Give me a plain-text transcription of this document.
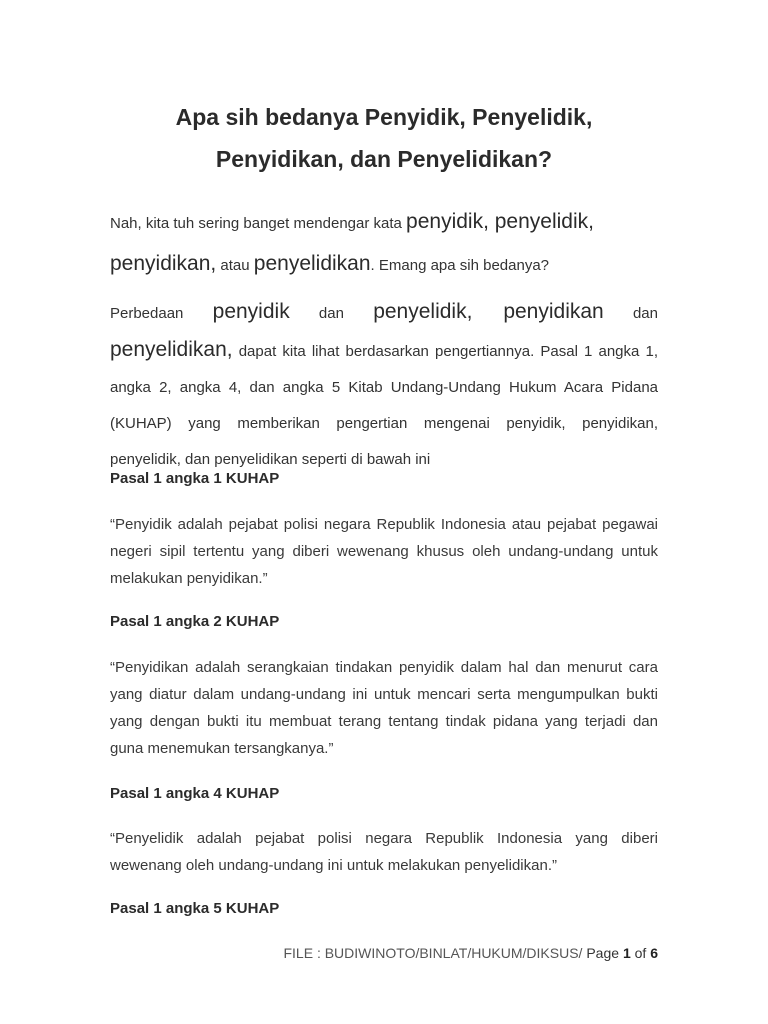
Apa sih bedanya Penyidik, Penyelidik,
Penyidikan, dan Penyelidikan?

Nah, kita tuh sering banget mendengar kata penyidik, penyelidik, penyidikan, atau penyelidikan. Emang apa sih bedanya?

Perbedaan penyidik dan penyelidik, penyidikan dan penyelidikan, dapat kita lihat berdasarkan pengertiannya. Pasal 1 angka 1, angka 2, angka 4, dan angka 5 Kitab Undang-Undang Hukum Acara Pidana (KUHAP) yang memberikan pengertian mengenai penyidik, penyidikan, penyelidik, dan penyelidikan seperti di bawah ini

Pasal 1 angka 1 KUHAP

“Penyidik adalah pejabat polisi negara Republik Indonesia atau pejabat pegawai negeri sipil tertentu yang diberi wewenang khusus oleh undang-undang untuk melakukan penyidikan.”

Pasal 1 angka 2 KUHAP

“Penyidikan adalah serangkaian tindakan penyidik dalam hal dan menurut cara yang diatur dalam undang-undang ini untuk mencari serta mengumpulkan bukti yang dengan bukti itu membuat terang tentang tindak pidana yang terjadi dan guna menemukan tersangkanya.”

Pasal 1 angka 4 KUHAP

“Penyelidik adalah pejabat polisi negara Republik Indonesia yang diberi wewenang oleh undang-undang ini untuk melakukan penyelidikan.”

Pasal 1 angka 5 KUHAP

FILE : BUDIWINOTO/BINLAT/HUKUM/DIKSUS/ Page 1 of 6
